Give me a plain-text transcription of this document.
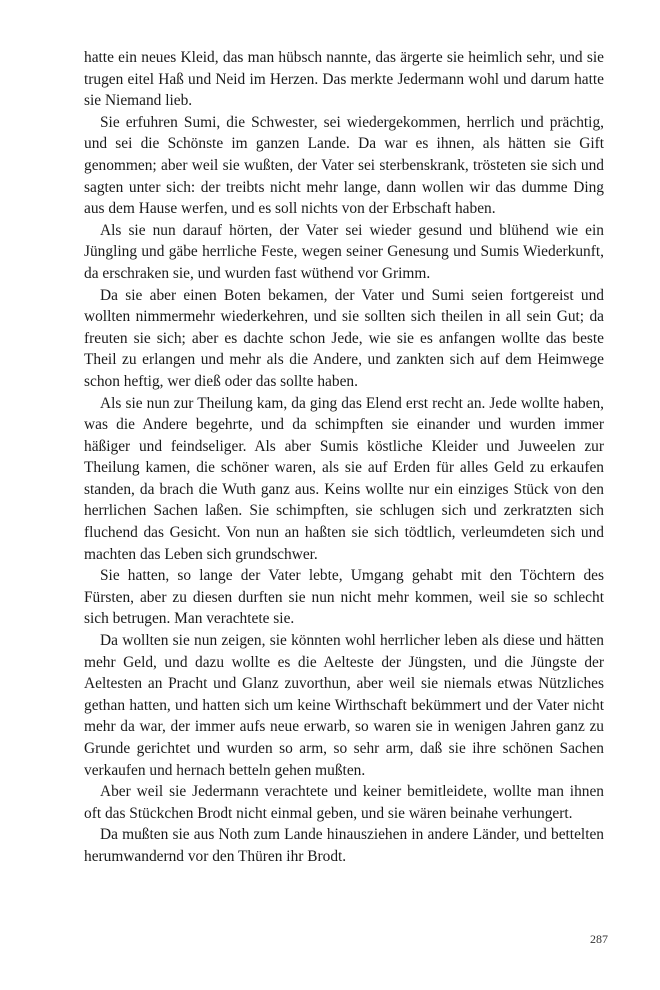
hatte ein neues Kleid, das man hübsch nannte, das ärgerte sie heimlich sehr, und sie trugen eitel Haß und Neid im Herzen. Das merkte Jedermann wohl und darum hatte sie Niemand lieb.

Sie erfuhren Sumi, die Schwester, sei wiedergekommen, herrlich und prächtig, und sei die Schönste im ganzen Lande. Da war es ihnen, als hätten sie Gift genommen; aber weil sie wußten, der Vater sei sterbenskrank, trösteten sie sich und sagten unter sich: der treibts nicht mehr lange, dann wollen wir das dumme Ding aus dem Hause werfen, und es soll nichts von der Erbschaft haben.

Als sie nun darauf hörten, der Vater sei wieder gesund und blühend wie ein Jüngling und gäbe herrliche Feste, wegen seiner Genesung und Sumis Wiederkunft, da erschraken sie, und wurden fast wüthend vor Grimm.

Da sie aber einen Boten bekamen, der Vater und Sumi seien fortgereist und wollten nimmermehr wiederkehren, und sie sollten sich theilen in all sein Gut; da freuten sie sich; aber es dachte schon Jede, wie sie es anfangen wollte das beste Theil zu erlangen und mehr als die Andere, und zankten sich auf dem Heimwege schon heftig, wer dieß oder das sollte haben.

Als sie nun zur Theilung kam, da ging das Elend erst recht an. Jede wollte haben, was die Andere begehrte, und da schimpften sie einander und wurden immer häßiger und feindseliger. Als aber Sumis köstliche Kleider und Juweelen zur Theilung kamen, die schöner waren, als sie auf Erden für alles Geld zu erkaufen standen, da brach die Wuth ganz aus. Keins wollte nur ein einziges Stück von den herrlichen Sachen laßen. Sie schimpften, sie schlugen sich und zerkratzten sich fluchend das Gesicht. Von nun an haßten sie sich tödtlich, verleumdeten sich und machten das Leben sich grundschwer.

Sie hatten, so lange der Vater lebte, Umgang gehabt mit den Töchtern des Fürsten, aber zu diesen durften sie nun nicht mehr kommen, weil sie so schlecht sich betrugen. Man verachtete sie.

Da wollten sie nun zeigen, sie könnten wohl herrlicher leben als diese und hätten mehr Geld, und dazu wollte es die Aelteste der Jüngsten, und die Jüngste der Aeltesten an Pracht und Glanz zuvorthun, aber weil sie niemals etwas Nützliches gethan hatten, und hatten sich um keine Wirthschaft bekümmert und der Vater nicht mehr da war, der immer aufs neue erwarb, so waren sie in wenigen Jahren ganz zu Grunde gerichtet und wurden so arm, so sehr arm, daß sie ihre schönen Sachen verkaufen und hernach betteln gehen mußten.

Aber weil sie Jedermann verachtete und keiner bemitleidete, wollte man ihnen oft das Stückchen Brodt nicht einmal geben, und sie wären beinahe verhungert.

Da mußten sie aus Noth zum Lande hinausziehen in andere Länder, und bettelten herumwandernd vor den Thüren ihr Brodt.

287
